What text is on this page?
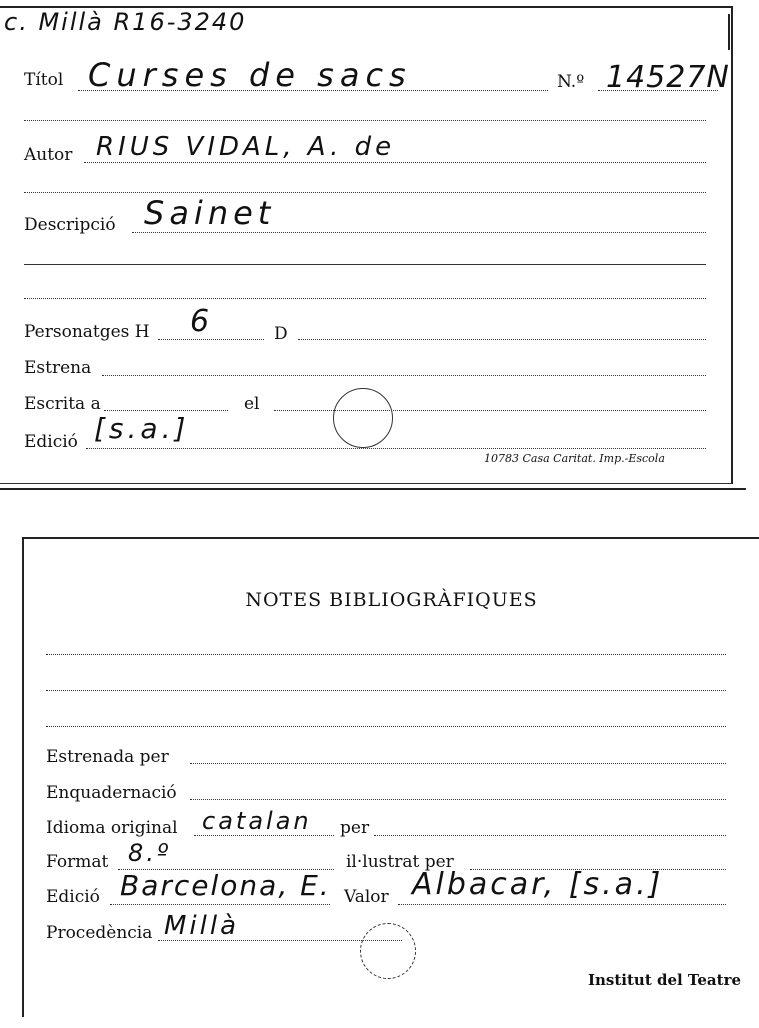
c. Millà R16-3240
Títol Curses de sacs	N.º 14527N
Autor RIUS VIDAL, A. de
Descripció Sainet
Personatges H 6	D
Estrena
Escrita a	el
Edició [s.a.]
10783 Casa Caritat. Imp.-Escola
NOTES BIBLIOGRÀFIQUES
Estrenada per
Enquadernació
Idioma original catalan per
Format 8.º	il·lustrat per
Edició Barcelona, E. Valor Albacar, [s.a.]
Procedència Millà
Institut del Teatre
